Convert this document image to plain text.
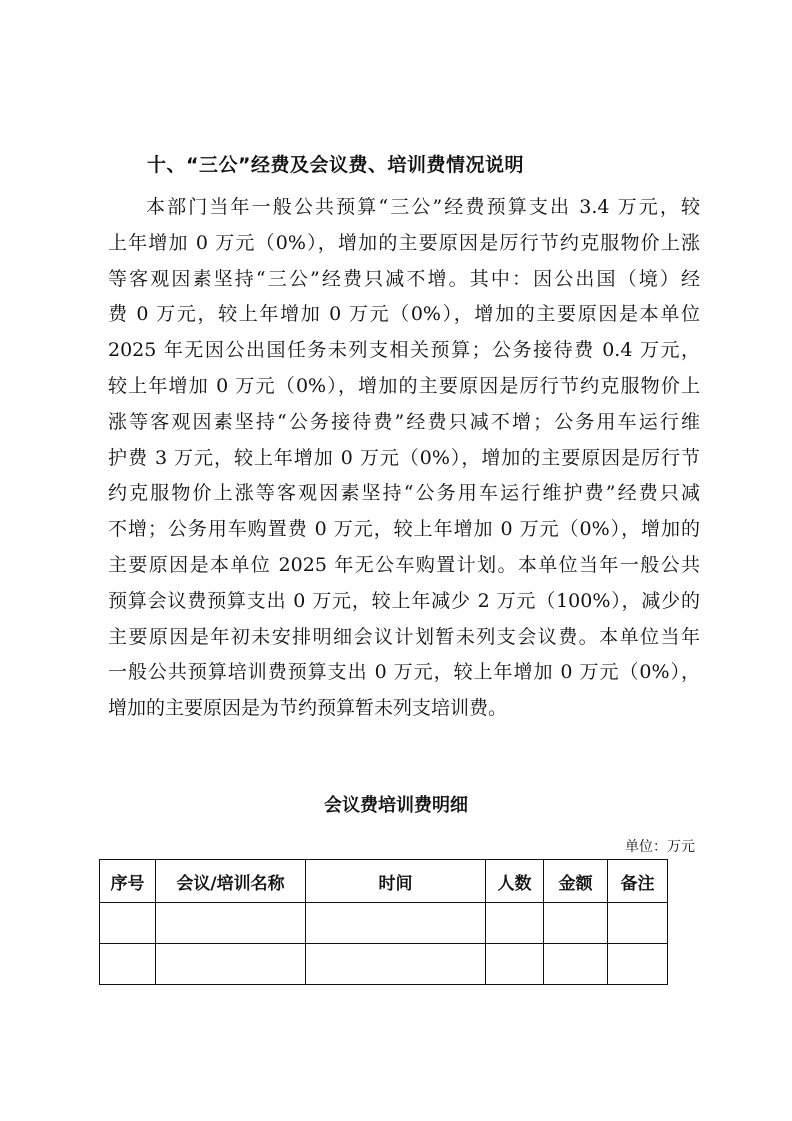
十、“三公”经费及会议费、培训费情况说明
本部门当年一般公共预算“三公”经费预算支出 3.4 万元，较
上年增加 0 万元（0%），增加的主要原因是厉行节约克服物价上涨
等客观因素坚持“三公”经费只减不增。其中：因公出国（境）经
费 0 万元，较上年增加 0 万元（0%），增加的主要原因是本单位
2025 年无因公出国任务未列支相关预算；公务接待费 0.4 万元，
较上年增加 0 万元（0%），增加的主要原因是厉行节约克服物价上
涨等客观因素坚持“公务接待费”经费只减不增；公务用车运行维
护费 3 万元，较上年增加 0 万元（0%），增加的主要原因是厉行节
约克服物价上涨等客观因素坚持“公务用车运行维护费”经费只减
不增；公务用车购置费 0 万元，较上年增加 0 万元（0%），增加的
主要原因是本单位 2025 年无公车购置计划。本单位当年一般公共
预算会议费预算支出 0 万元，较上年减少 2 万元（100%），减少的
主要原因是年初未安排明细会议计划暂未列支会议费。本单位当年
一般公共预算培训费预算支出 0 万元，较上年增加 0 万元（0%），
增加的主要原因是为节约预算暂未列支培训费。
会议费培训费明细
单位：万元
序号	会议/培训名称	时间	人数	金额	备注
